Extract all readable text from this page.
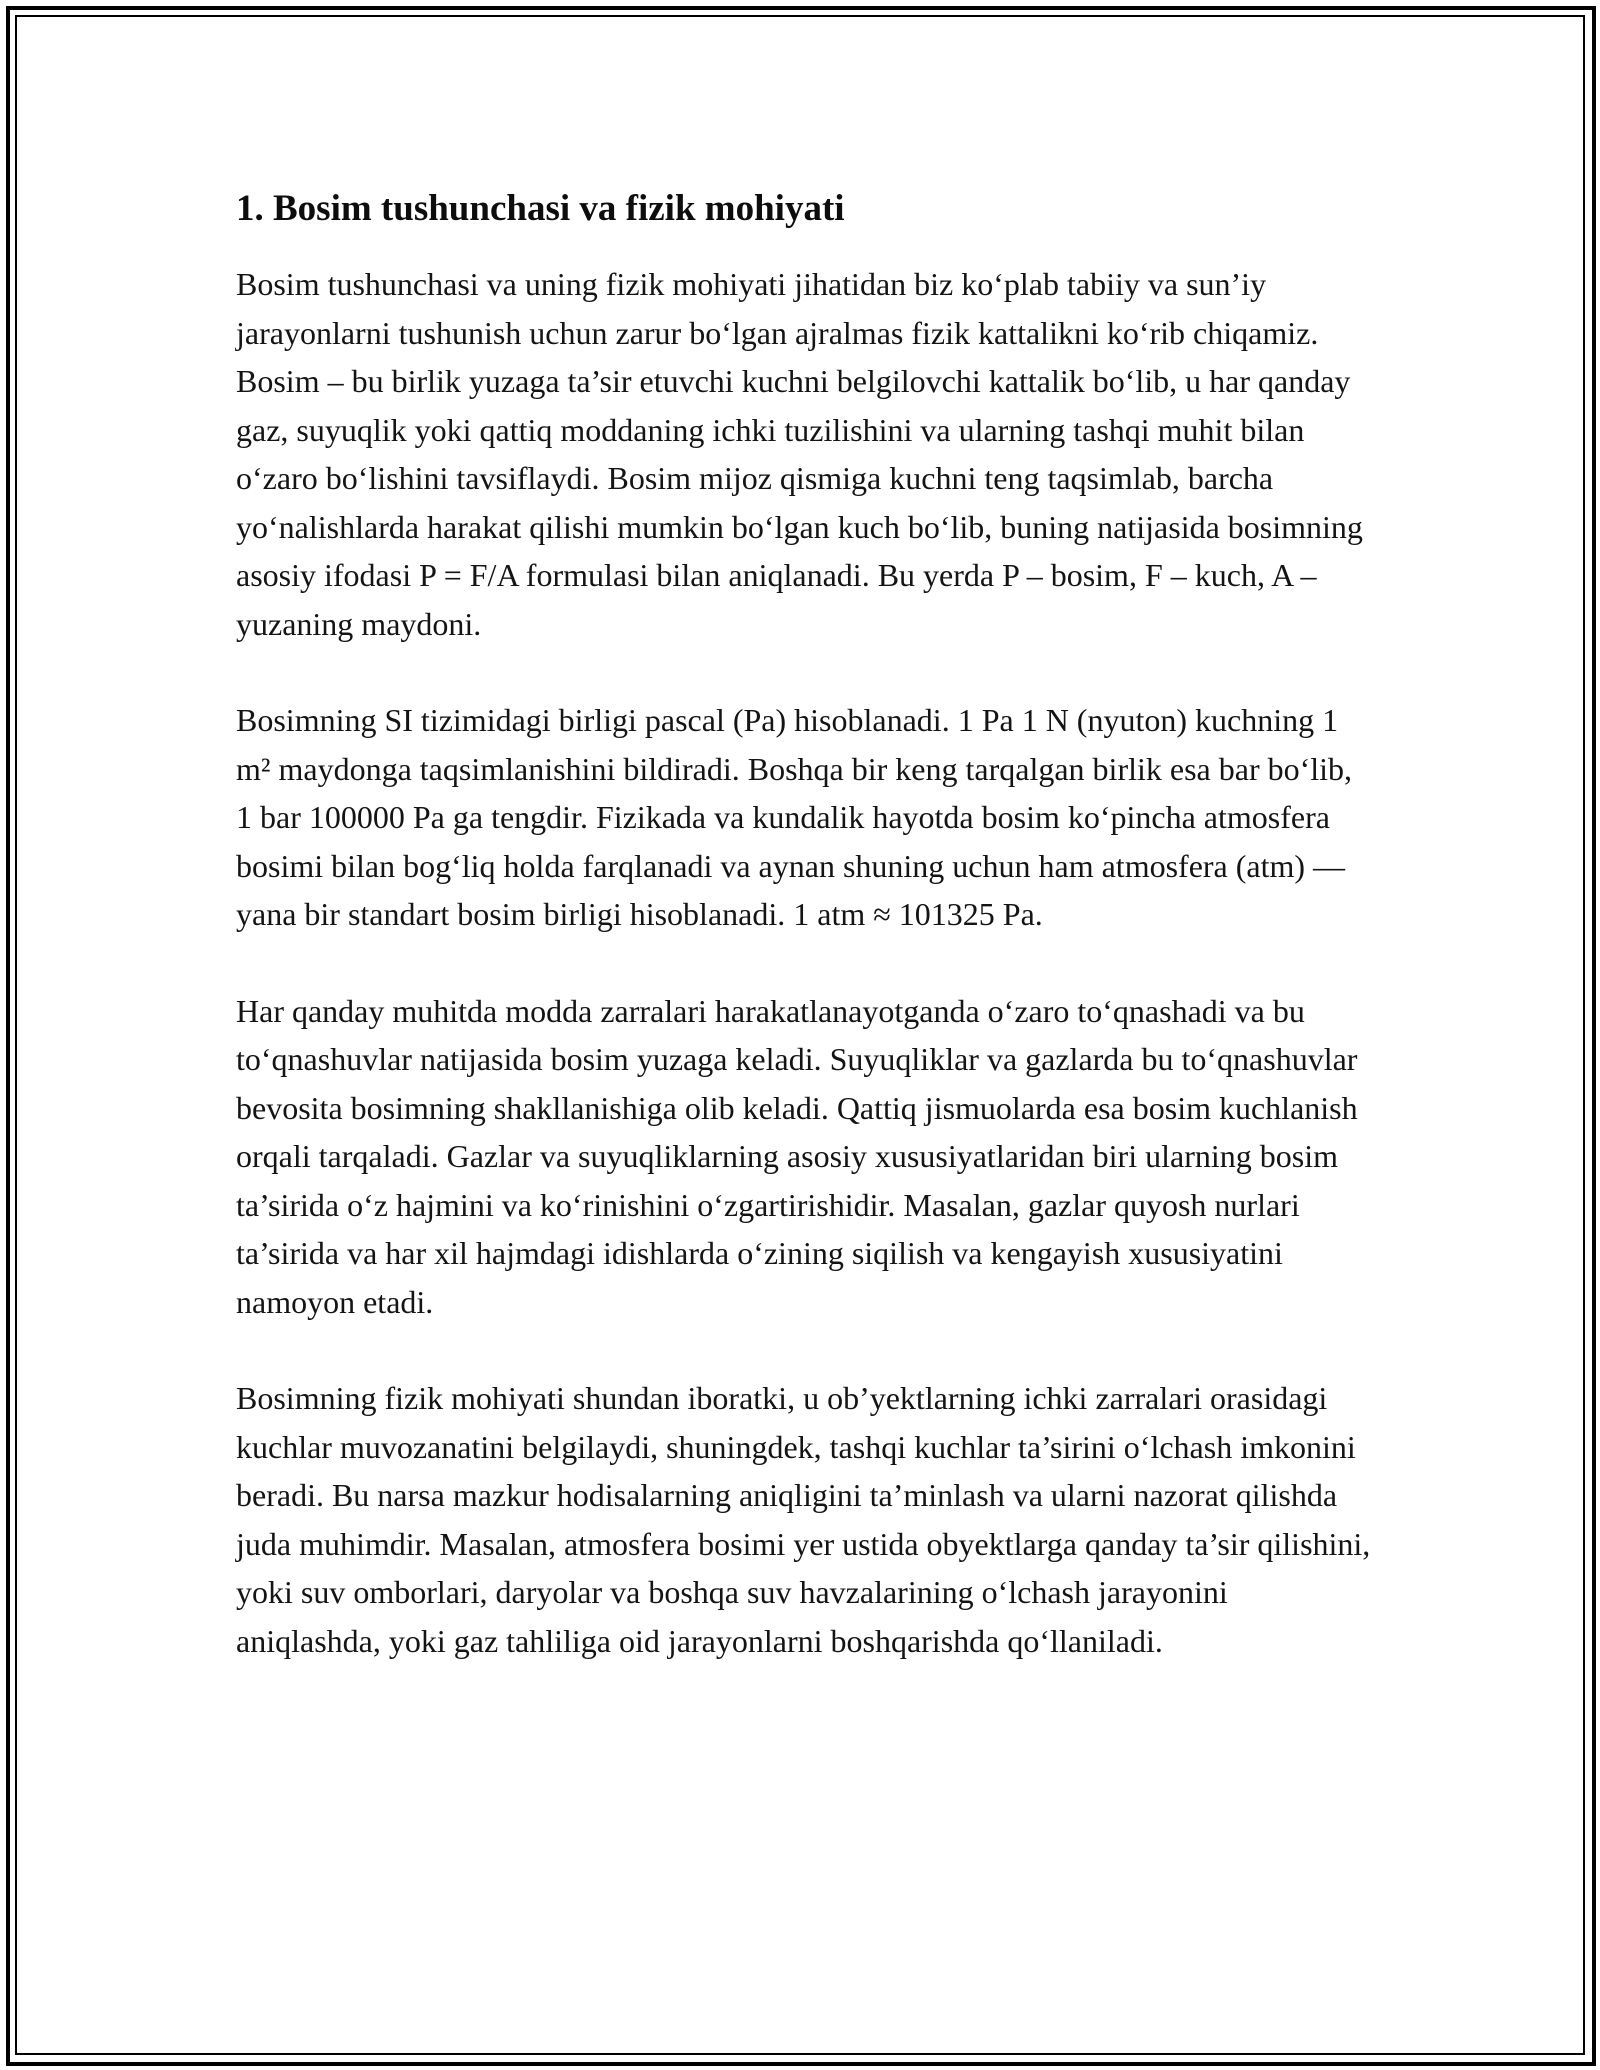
1. Bosim tushunchasi va fizik mohiyati

Bosim tushunchasi va uning fizik mohiyati jihatidan biz ko‘plab tabiiy va sun’iy jarayonlarni tushunish uchun zarur bo‘lgan ajralmas fizik kattalikni ko‘rib chiqamiz. Bosim – bu birlik yuzaga ta’sir etuvchi kuchni belgilovchi kattalik bo‘lib, u har qanday gaz, suyuqlik yoki qattiq moddaning ichki tuzilishini va ularning tashqi muhit bilan o‘zaro bo‘lishini tavsiflaydi. Bosim mijoz qismiga kuchni teng taqsimlab, barcha yo‘nalishlarda harakat qilishi mumkin bo‘lgan kuch bo‘lib, buning natijasida bosimning asosiy ifodasi P = F/A formulasi bilan aniqlanadi. Bu yerda P – bosim, F – kuch, A – yuzaning maydoni.

Bosimning SI tizimidagi birligi pascal (Pa) hisoblanadi. 1 Pa 1 N (nyuton) kuchning 1 m² maydonga taqsimlanishini bildiradi. Boshqa bir keng tarqalgan birlik esa bar bo‘lib, 1 bar 100000 Pa ga tengdir. Fizikada va kundalik hayotda bosim ko‘pincha atmosfera bosimi bilan bog‘liq holda farqlanadi va aynan shuning uchun ham atmosfera (atm) — yana bir standart bosim birligi hisoblanadi. 1 atm ≈ 101325 Pa.

Har qanday muhitda modda zarralari harakatlanayotganda o‘zaro to‘qnashadi va bu to‘qnashuvlar natijasida bosim yuzaga keladi. Suyuqliklar va gazlarda bu to‘qnashuvlar bevosita bosimning shakllanishiga olib keladi. Qattiq jismuolarda esa bosim kuchlanish orqali tarqaladi. Gazlar va suyuqliklarning asosiy xususiyatlaridan biri ularning bosim ta’sirida o‘z hajmini va ko‘rinishini o‘zgartirishidir. Masalan, gazlar quyosh nurlari ta’sirida va har xil hajmdagi idishlarda o‘zining siqilish va kengayish xususiyatini namoyon etadi.

Bosimning fizik mohiyati shundan iboratki, u ob’yektlarning ichki zarralari orasidagi kuchlar muvozanatini belgilaydi, shuningdek, tashqi kuchlar ta’sirini o‘lchash imkonini beradi. Bu narsa mazkur hodisalarning aniqligini ta’minlash va ularni nazorat qilishda juda muhimdir. Masalan, atmosfera bosimi yer ustida obyektlarga qanday ta’sir qilishini, yoki suv omborlari, daryolar va boshqa suv havzalarining o‘lchash jarayonini aniqlashda, yoki gaz tahliliga oid jarayonlarni boshqarishda qo‘llaniladi.
